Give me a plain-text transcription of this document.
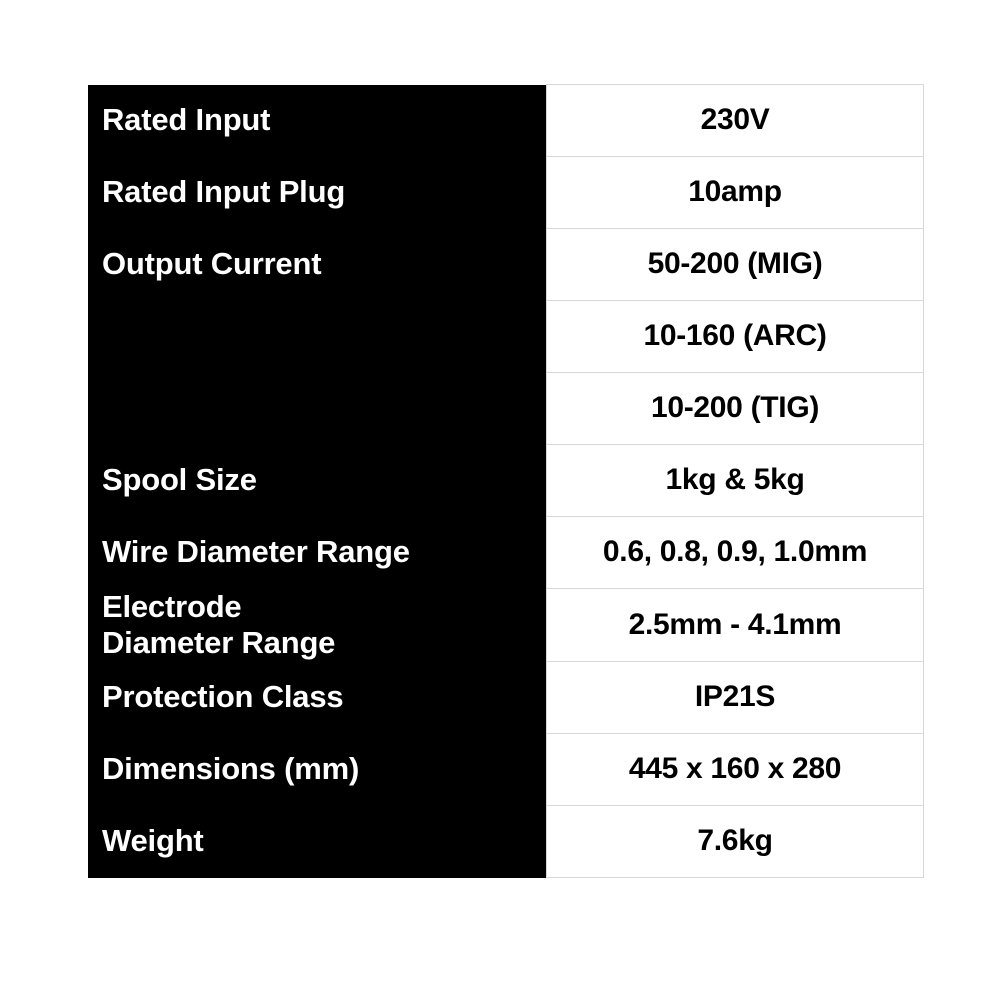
Rated Input	230V

Rated Input Plug	10amp

Output Current	50-200 (MIG)

	10-160 (ARC)

	10-200 (TIG)

Spool Size	1kg & 5kg

Wire Diameter Range	0.6, 0.8, 0.9, 1.0mm

Electrode
Diameter Range	2.5mm - 4.1mm

Protection Class	IP21S

Dimensions (mm)	445 x 160 x 280

Weight	7.6kg
